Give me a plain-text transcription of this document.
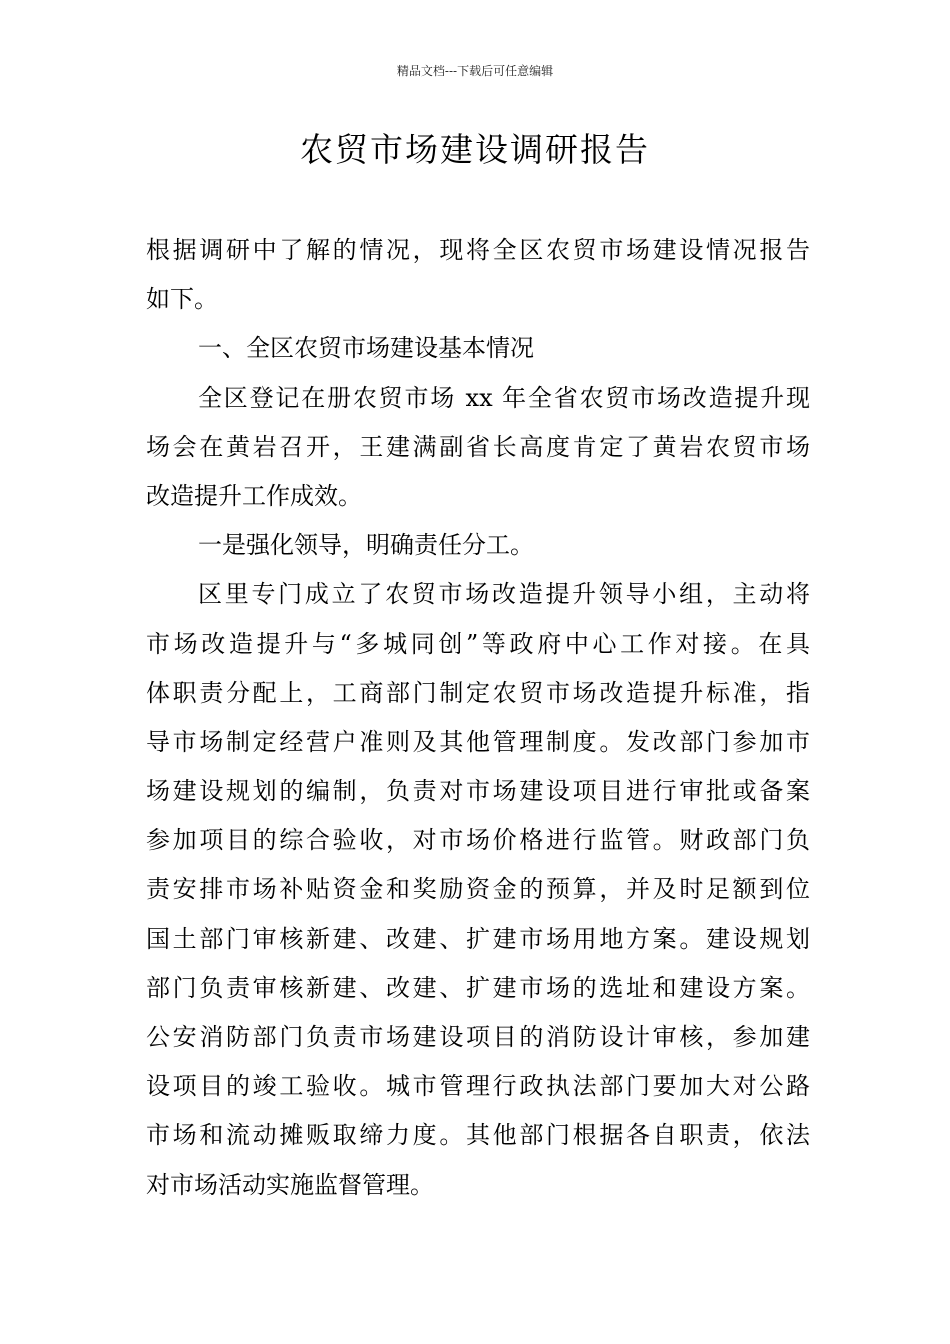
精品文档---下载后可任意编辑
农贸市场建设调研报告
根据调研中了解的情况，现将全区农贸市场建设情况报告
如下。
一、全区农贸市场建设基本情况
全区登记在册农贸市场 xx 年全省农贸市场改造提升现
场会在黄岩召开，王建满副省长高度肯定了黄岩农贸市场
改造提升工作成效。
一是强化领导，明确责任分工。
区里专门成立了农贸市场改造提升领导小组，主动将
市场改造提升与“多城同创”等政府中心工作对接。在具
体职责分配上，工商部门制定农贸市场改造提升标准，指
导市场制定经营户准则及其他管理制度。发改部门参加市
场建设规划的编制，负责对市场建设项目进行审批或备案
参加项目的综合验收，对市场价格进行监管。财政部门负
责安排市场补贴资金和奖励资金的预算，并及时足额到位
国土部门审核新建、改建、扩建市场用地方案。建设规划
部门负责审核新建、改建、扩建市场的选址和建设方案。
公安消防部门负责市场建设项目的消防设计审核，参加建
设项目的竣工验收。城市管理行政执法部门要加大对公路
市场和流动摊贩取缔力度。其他部门根据各自职责，依法
对市场活动实施监督管理。
